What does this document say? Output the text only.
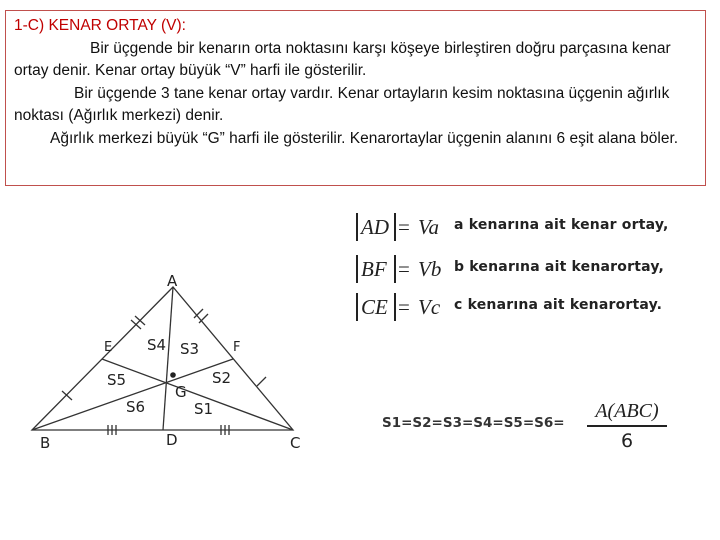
1-C) KENAR ORTAY (V):

Bir üçgende bir kenarın orta noktasını karşı köşeye birleştiren doğru parçasına kenar ortay denir. Kenar ortay büyük “V” harfi ile gösterilir.

Bir üçgende 3 tane kenar ortay vardır. Kenar ortayların kesim noktasına üçgenin ağırlık noktası (Ağırlık merkezi) denir.

Ağırlık merkezi büyük “G” harfi ile gösterilir. Kenarortaylar üçgenin alanını 6 eşit alana böler.

A
B	C
D
E	F
G
S1
S2
S3
S4
S5
S6
AD = Va a kenarına ait kenar ortay,
BF = Vb b kenarına ait kenarortay,
CE = Vc c kenarına ait kenarortay.
S1=S2=S3=S4=S5=S6=
A(ABC)
6
